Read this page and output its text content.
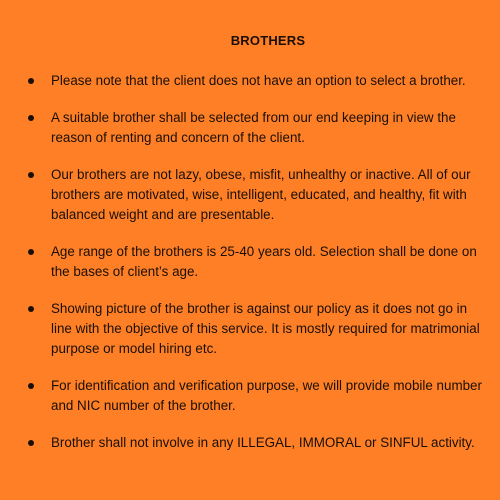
BROTHERS
Please note that the client does not have an option to select a brother.
A suitable brother shall be selected from our end keeping in view the reason of renting and concern of the client.
Our brothers are not lazy, obese, misfit, unhealthy or inactive. All of our brothers are motivated, wise, intelligent, educated, and healthy, fit with balanced weight and are presentable.
Age range of the brothers is 25-40 years old. Selection shall be done on the bases of client’s age.
Showing picture of the brother is against our policy as it does not go in line with the objective of this service. It is mostly required for matrimonial purpose or model hiring etc.
For identification and verification purpose, we will provide mobile number and NIC number of the brother.
Brother shall not involve in any ILLEGAL, IMMORAL or SINFUL activity.
